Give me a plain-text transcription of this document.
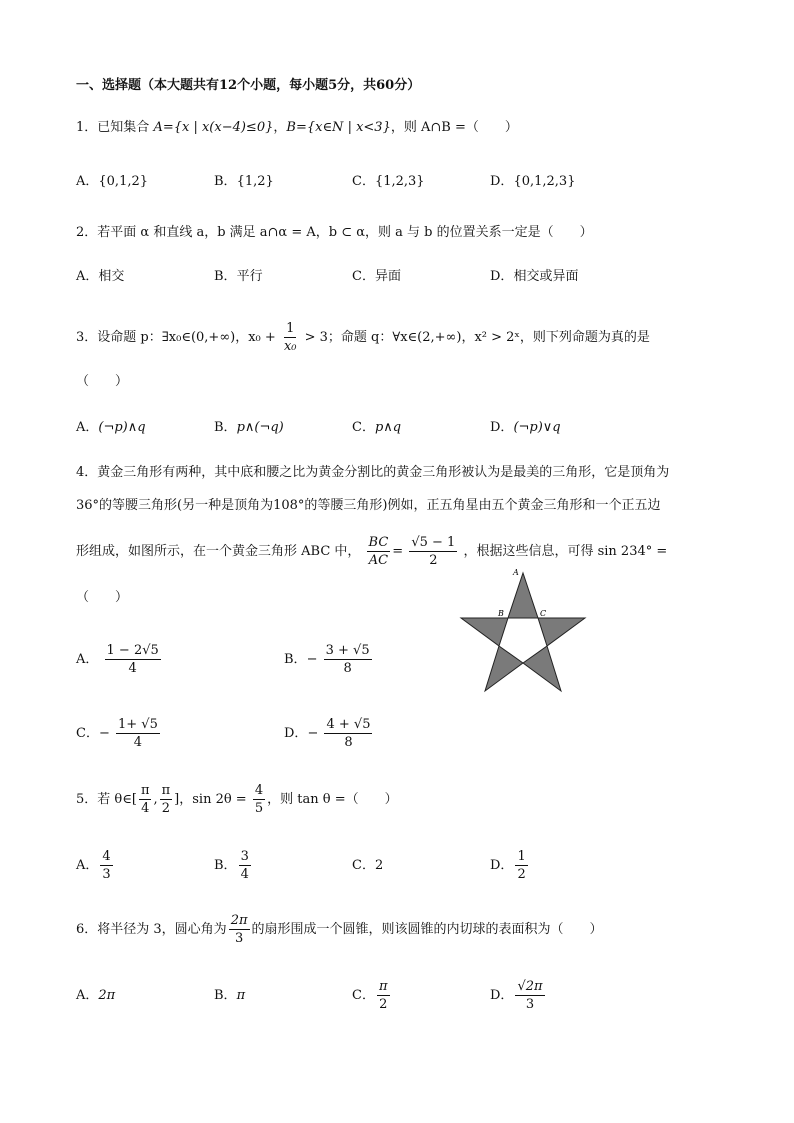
一、选择题（本大题共有12个小题，每小题5分，共60分）
1．已知集合 A={x | x(x−4)≤0}，B={x∈N | x<3}，则 A∩B =（　　）
A．{0,1,2}	B．{1,2}	C．{1,2,3}	D．{0,1,2,3}
2．若平面 α 和直线 a，b 满足 a∩α = A，b ⊂ α，则 a 与 b 的位置关系一定是（　　）
A．相交	B．平行	C．异面	D．相交或异面
3．设命题 p：∃x₀∈(0,+∞)，$x_0 + \frac{1}{\text{x₀}} > 3$；命题 q：∀x∈(2,+∞)，x² > 2ˣ，则下列命题为真的是
（　　）
A．(¬p)∧q	B．p∧(¬q)	C．p∧q	D．(¬p)∨q
4．黄金三角形有两种，其中底和腰之比为黄金分割比的黄金三角形被认为是最美的三角形，它是顶角为
36°的等腰三角形(另一种是顶角为108°的等腰三角形)例如，正五角星由五个黄金三角形和一个正五边
形组成，如图所示，在一个黄金三角形 ABC 中， $\frac{BC}{AC} = \frac{√5 - 1}{2}$ ，根据这些信息，可得 sin 234° =
（　　）
A
B	C
A． $\frac{1 - 2√5}{4}$	B．− $\frac{3 + √5}{8}$
C．− $\frac{1+ √5}{4}$	D．− $\frac{4 + √5}{8}$
5．若 θ∈[ $\frac{\pi}{4}$ , $\frac{\pi}{2}$ ]，$\sin 2\theta = \frac{4}{5}$ ，则 tan θ =（　　）
A． $\frac{4}{3}$	B． $\frac{3}{4}$	C．2	D． $\frac{1}{2}$
6．将半径为 3，圆心角为 $\frac{2\pi}{3}$ 的扇形围成一个圆锥，则该圆锥的内切球的表面积为（　　）
A．2π	B．π	C． $\frac{\pi}{2}$	D． $\frac{√2\pi}{3}$
